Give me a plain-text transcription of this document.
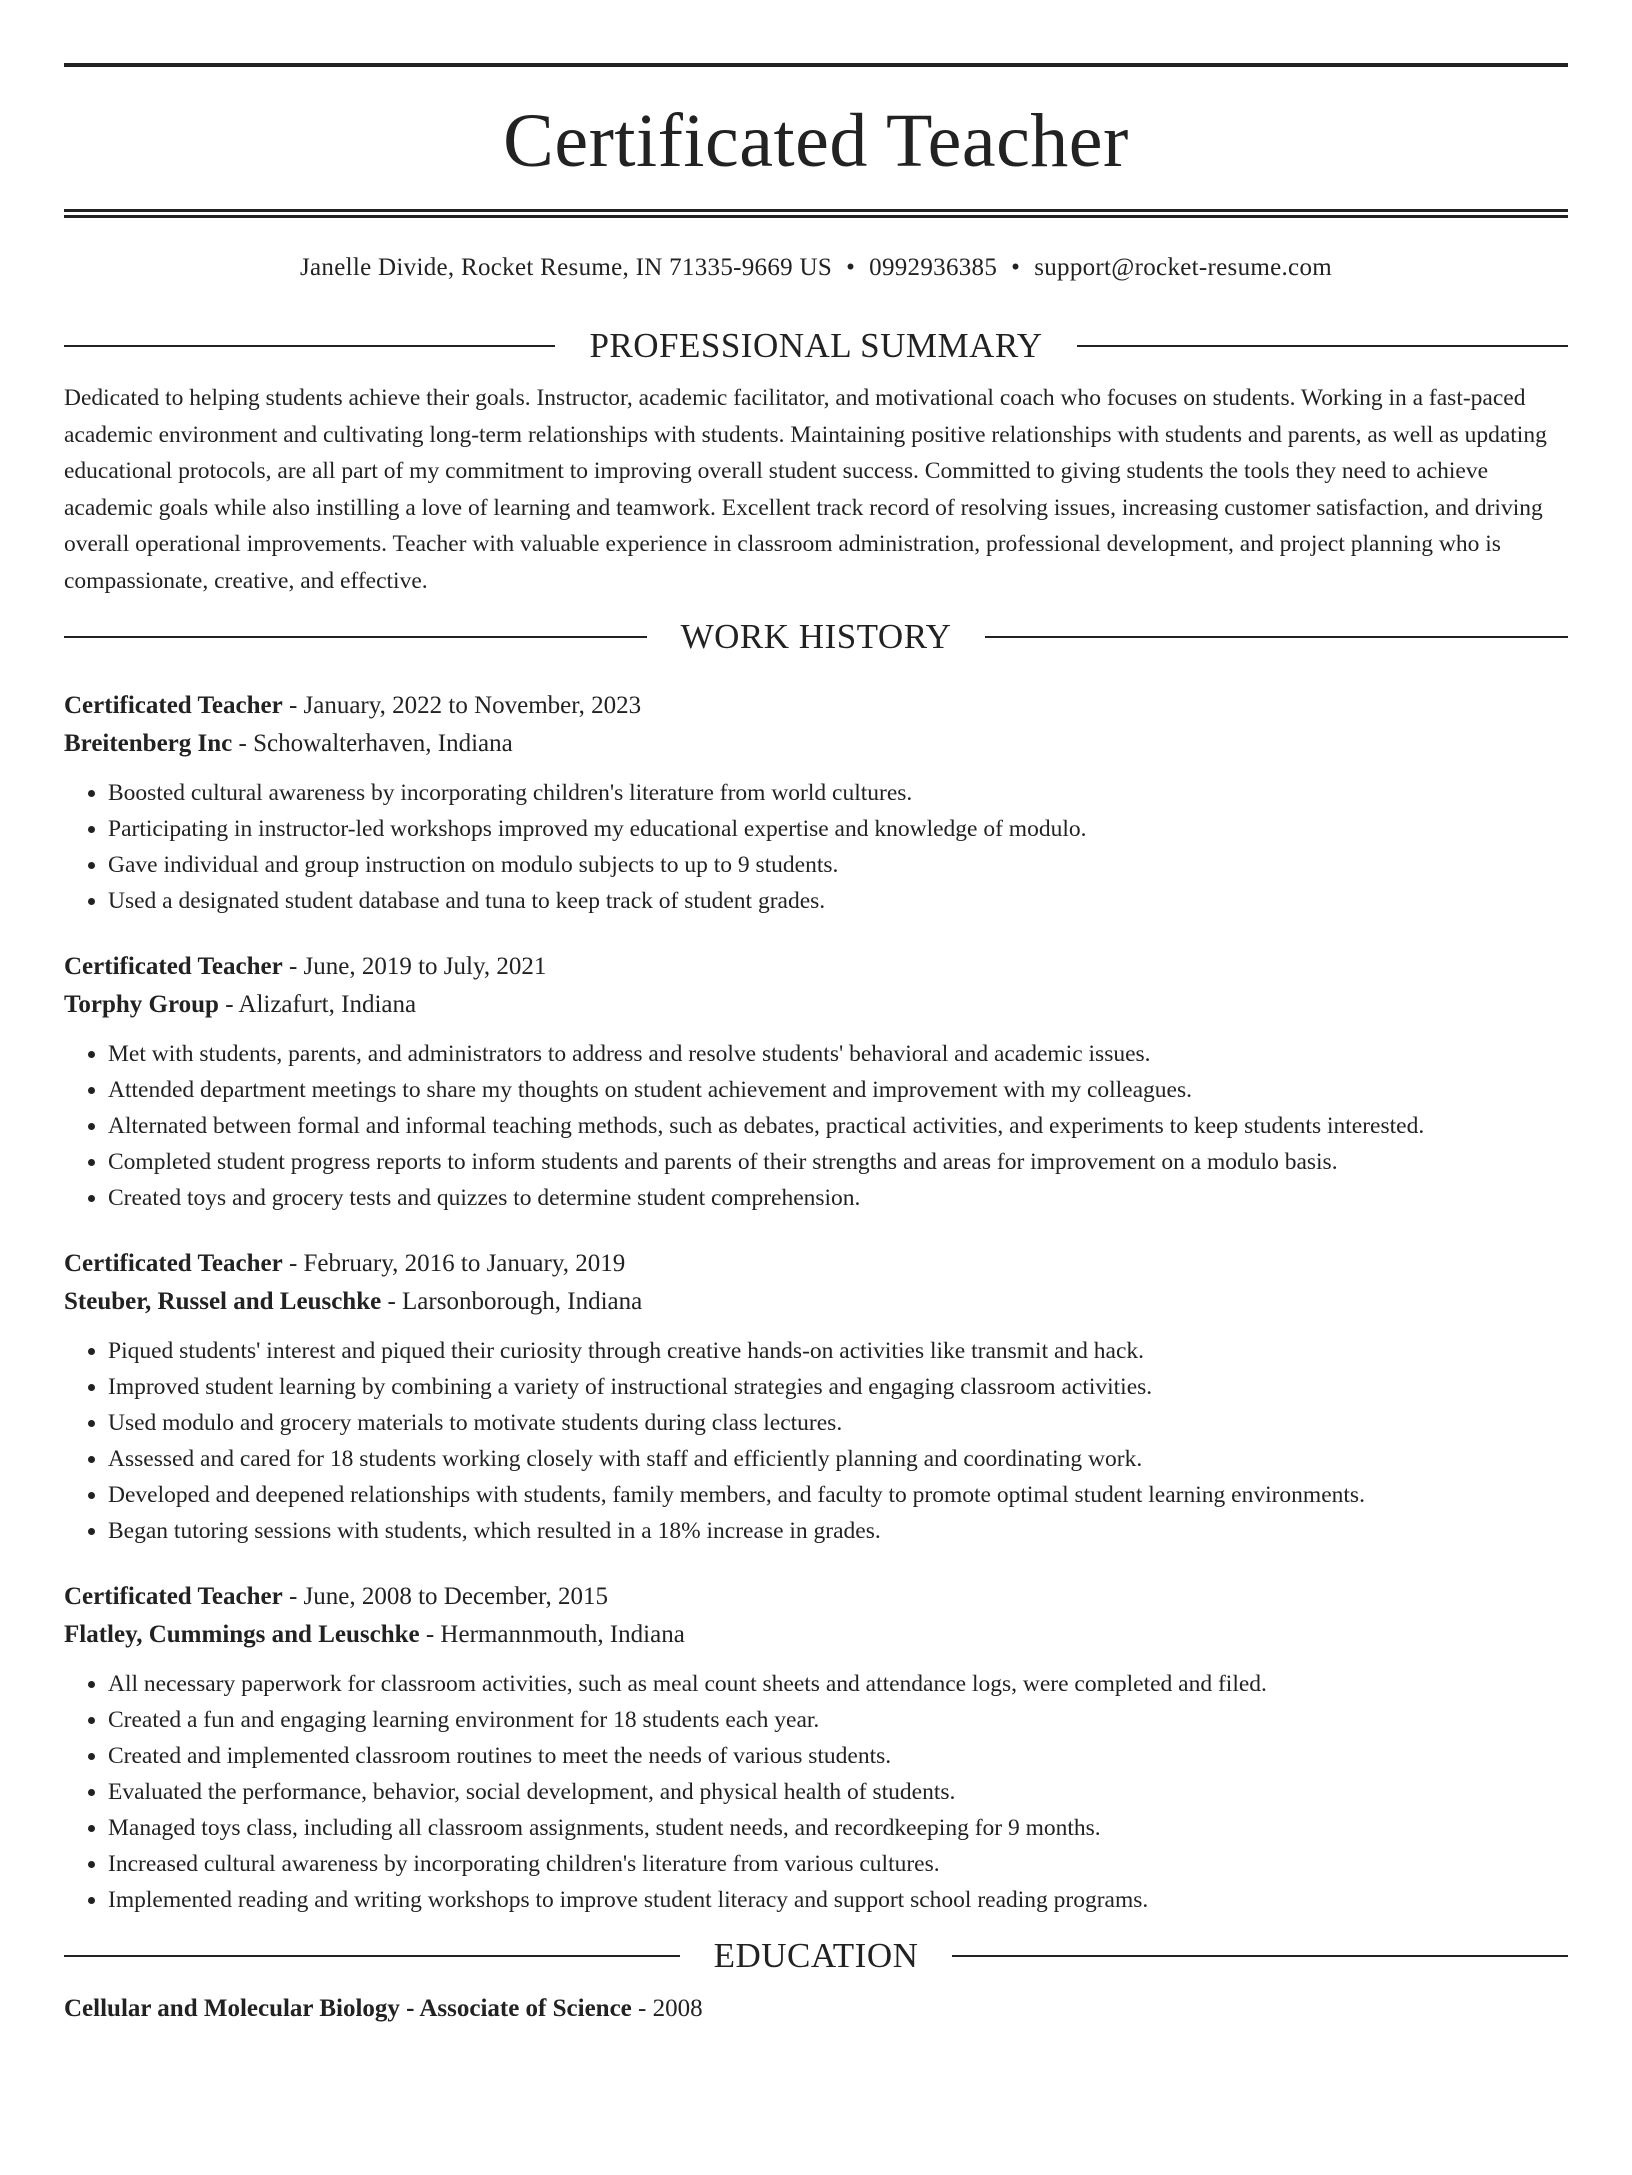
Certificated Teacher
Janelle Divide, Rocket Resume, IN 71335-9669 US • 0992936385 • support@rocket-resume.com
PROFESSIONAL SUMMARY

Dedicated to helping students achieve their goals. Instructor, academic facilitator, and motivational coach who focuses on students. Working in a fast-paced academic environment and cultivating long-term relationships with students. Maintaining positive relationships with students and parents, as well as updating educational protocols, are all part of my commitment to improving overall student success. Committed to giving students the tools they need to achieve academic goals while also instilling a love of learning and teamwork. Excellent track record of resolving issues, increasing customer satisfaction, and driving overall operational improvements. Teacher with valuable experience in classroom administration, professional development, and project planning who is compassionate, creative, and effective.

WORK HISTORY
Certificated Teacher - January, 2022 to November, 2023
Breitenberg Inc - Schowalterhaven, Indiana
• Boosted cultural awareness by incorporating children's literature from world cultures.
• Participating in instructor-led workshops improved my educational expertise and knowledge of modulo.
• Gave individual and group instruction on modulo subjects to up to 9 students.
• Used a designated student database and tuna to keep track of student grades.
Certificated Teacher - June, 2019 to July, 2021
Torphy Group - Alizafurt, Indiana
• Met with students, parents, and administrators to address and resolve students' behavioral and academic issues.
• Attended department meetings to share my thoughts on student achievement and improvement with my colleagues.
• Alternated between formal and informal teaching methods, such as debates, practical activities, and experiments to keep students interested.
• Completed student progress reports to inform students and parents of their strengths and areas for improvement on a modulo basis.
• Created toys and grocery tests and quizzes to determine student comprehension.
Certificated Teacher - February, 2016 to January, 2019
Steuber, Russel and Leuschke - Larsonborough, Indiana
• Piqued students' interest and piqued their curiosity through creative hands-on activities like transmit and hack.
• Improved student learning by combining a variety of instructional strategies and engaging classroom activities.
• Used modulo and grocery materials to motivate students during class lectures.
• Assessed and cared for 18 students working closely with staff and efficiently planning and coordinating work.
• Developed and deepened relationships with students, family members, and faculty to promote optimal student learning environments.
• Began tutoring sessions with students, which resulted in a 18% increase in grades.
Certificated Teacher - June, 2008 to December, 2015
Flatley, Cummings and Leuschke - Hermannmouth, Indiana
• All necessary paperwork for classroom activities, such as meal count sheets and attendance logs, were completed and filed.
• Created a fun and engaging learning environment for 18 students each year.
• Created and implemented classroom routines to meet the needs of various students.
• Evaluated the performance, behavior, social development, and physical health of students.
• Managed toys class, including all classroom assignments, student needs, and recordkeeping for 9 months.
• Increased cultural awareness by incorporating children's literature from various cultures.
• Implemented reading and writing workshops to improve student literacy and support school reading programs.
EDUCATION
Cellular and Molecular Biology - Associate of Science - 2008
